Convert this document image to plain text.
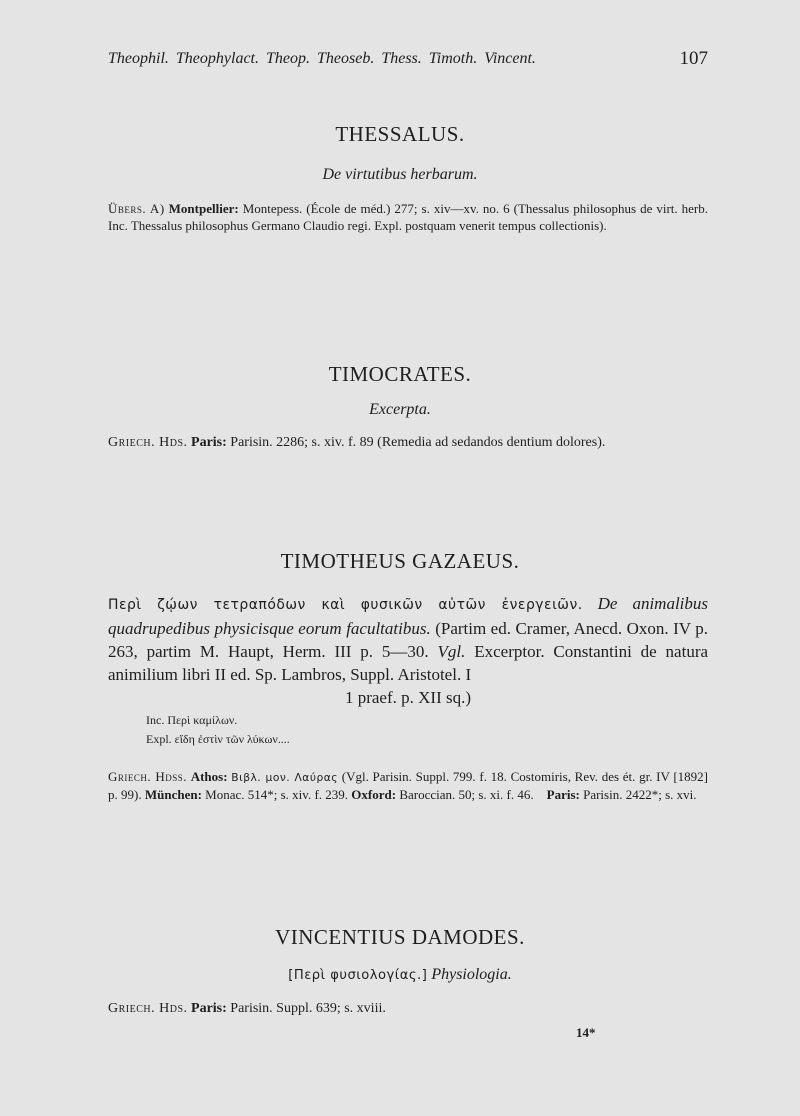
Theophil. Theophylact. Theop. Theoseb. Thess. Timoth. Vincent.	107
THESSALUS.
De virtutibus herbarum.
Übers. A) Montpellier: Montepess. (École de méd.) 277; s. xiv—xv. no. 6 (Thessalus philosophus de virt. herb. Inc. Thessalus philosophus Germano Claudio regi. Expl. postquam venerit tempus collectionis).
TIMOCRATES.
Excerpta.
Griech. Hds. Paris: Parisin. 2286; s. xiv. f. 89 (Remedia ad sedandos dentium dolores).
TIMOTHEUS GAZAEUS.
Περὶ ζῴων τετραπόδων καὶ φυσικῶν αὐτῶν ἐνεργειῶν. De animalibus quadrupedibus physicisque eorum facultatibus. (Partim ed. Cramer, Anecd. Oxon. IV p. 263, partim M. Haupt, Herm. III p. 5—30. Vgl. Excerptor. Constantini de natura animilium libri II ed. Sp. Lambros, Suppl. Aristotel. I
1 praef. p. XII sq.)
Inc. Περὶ καμίλων.
Expl. εἴδη ἐστὶν τῶν λύκων....
Griech. Hdss. Athos: Βιβλ. μον. Λαύρας (Vgl. Parisin. Suppl. 799. f. 18. Costomiris, Rev. des ét. gr. IV [1892] p. 99). München: Monac. 514*; s. xiv. f. 239. Oxford: Baroccian. 50; s. xi. f. 46. Paris: Parisin. 2422*; s. xvi.
VINCENTIUS DAMODES.
[Περὶ φυσιολογίας.] Physiologia.
Griech. Hds. Paris: Parisin. Suppl. 639; s. xviii.
14*
